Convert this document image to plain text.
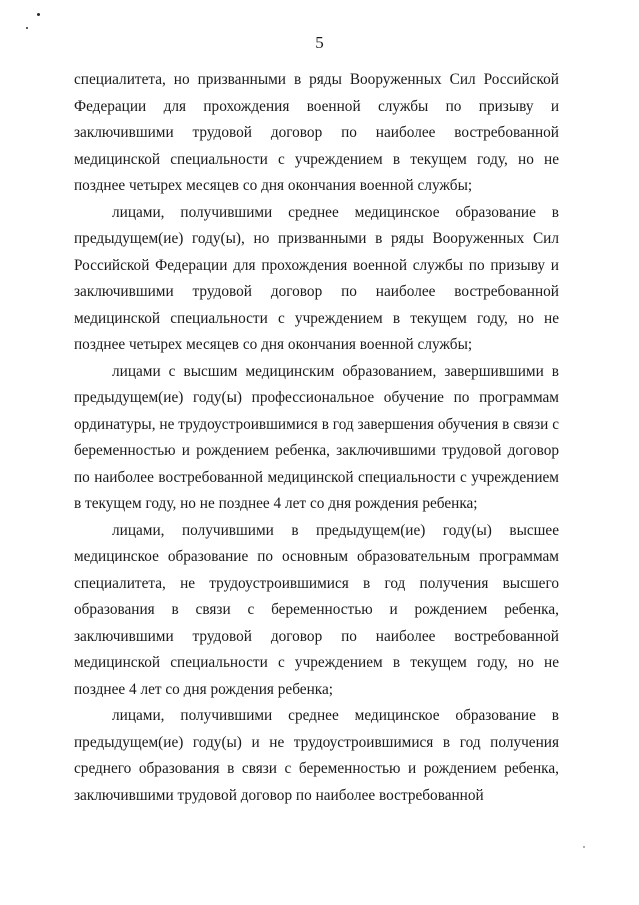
5

специалитета, но призванными в ряды Вооруженных Сил Российской Федерации для прохождения военной службы по призыву и заключившими трудовой договор по наиболее востребованной медицинской специальности с учреждением в текущем году, но не позднее четырех месяцев со дня окончания военной службы;

лицами, получившими среднее медицинское образование в предыдущем(ие) году(ы), но призванными в ряды Вооруженных Сил Российской Федерации для прохождения военной службы по призыву и заключившими трудовой договор по наиболее востребованной медицинской специальности с учреждением в текущем году, но не позднее четырех месяцев со дня окончания военной службы;

лицами с высшим медицинским образованием, завершившими в предыдущем(ие) году(ы) профессиональное обучение по программам ординатуры, не трудоустроившимися в год завершения обучения в связи с беременностью и рождением ребенка, заключившими трудовой договор по наиболее востребованной медицинской специальности с учреждением в текущем году, но не позднее 4 лет со дня рождения ребенка;

лицами, получившими в предыдущем(ие) году(ы) высшее медицинское образование по основным образовательным программам специалитета, не трудоустроившимися в год получения высшего образования в связи с беременностью и рождением ребенка, заключившими трудовой договор по наиболее востребованной медицинской специальности с учреждением в текущем году, но не позднее 4 лет со дня рождения ребенка;

лицами, получившими среднее медицинское образование в предыдущем(ие) году(ы) и не трудоустроившимися в год получения среднего образования в связи с беременностью и рождением ребенка, заключившими трудовой договор по наиболее востребованной
